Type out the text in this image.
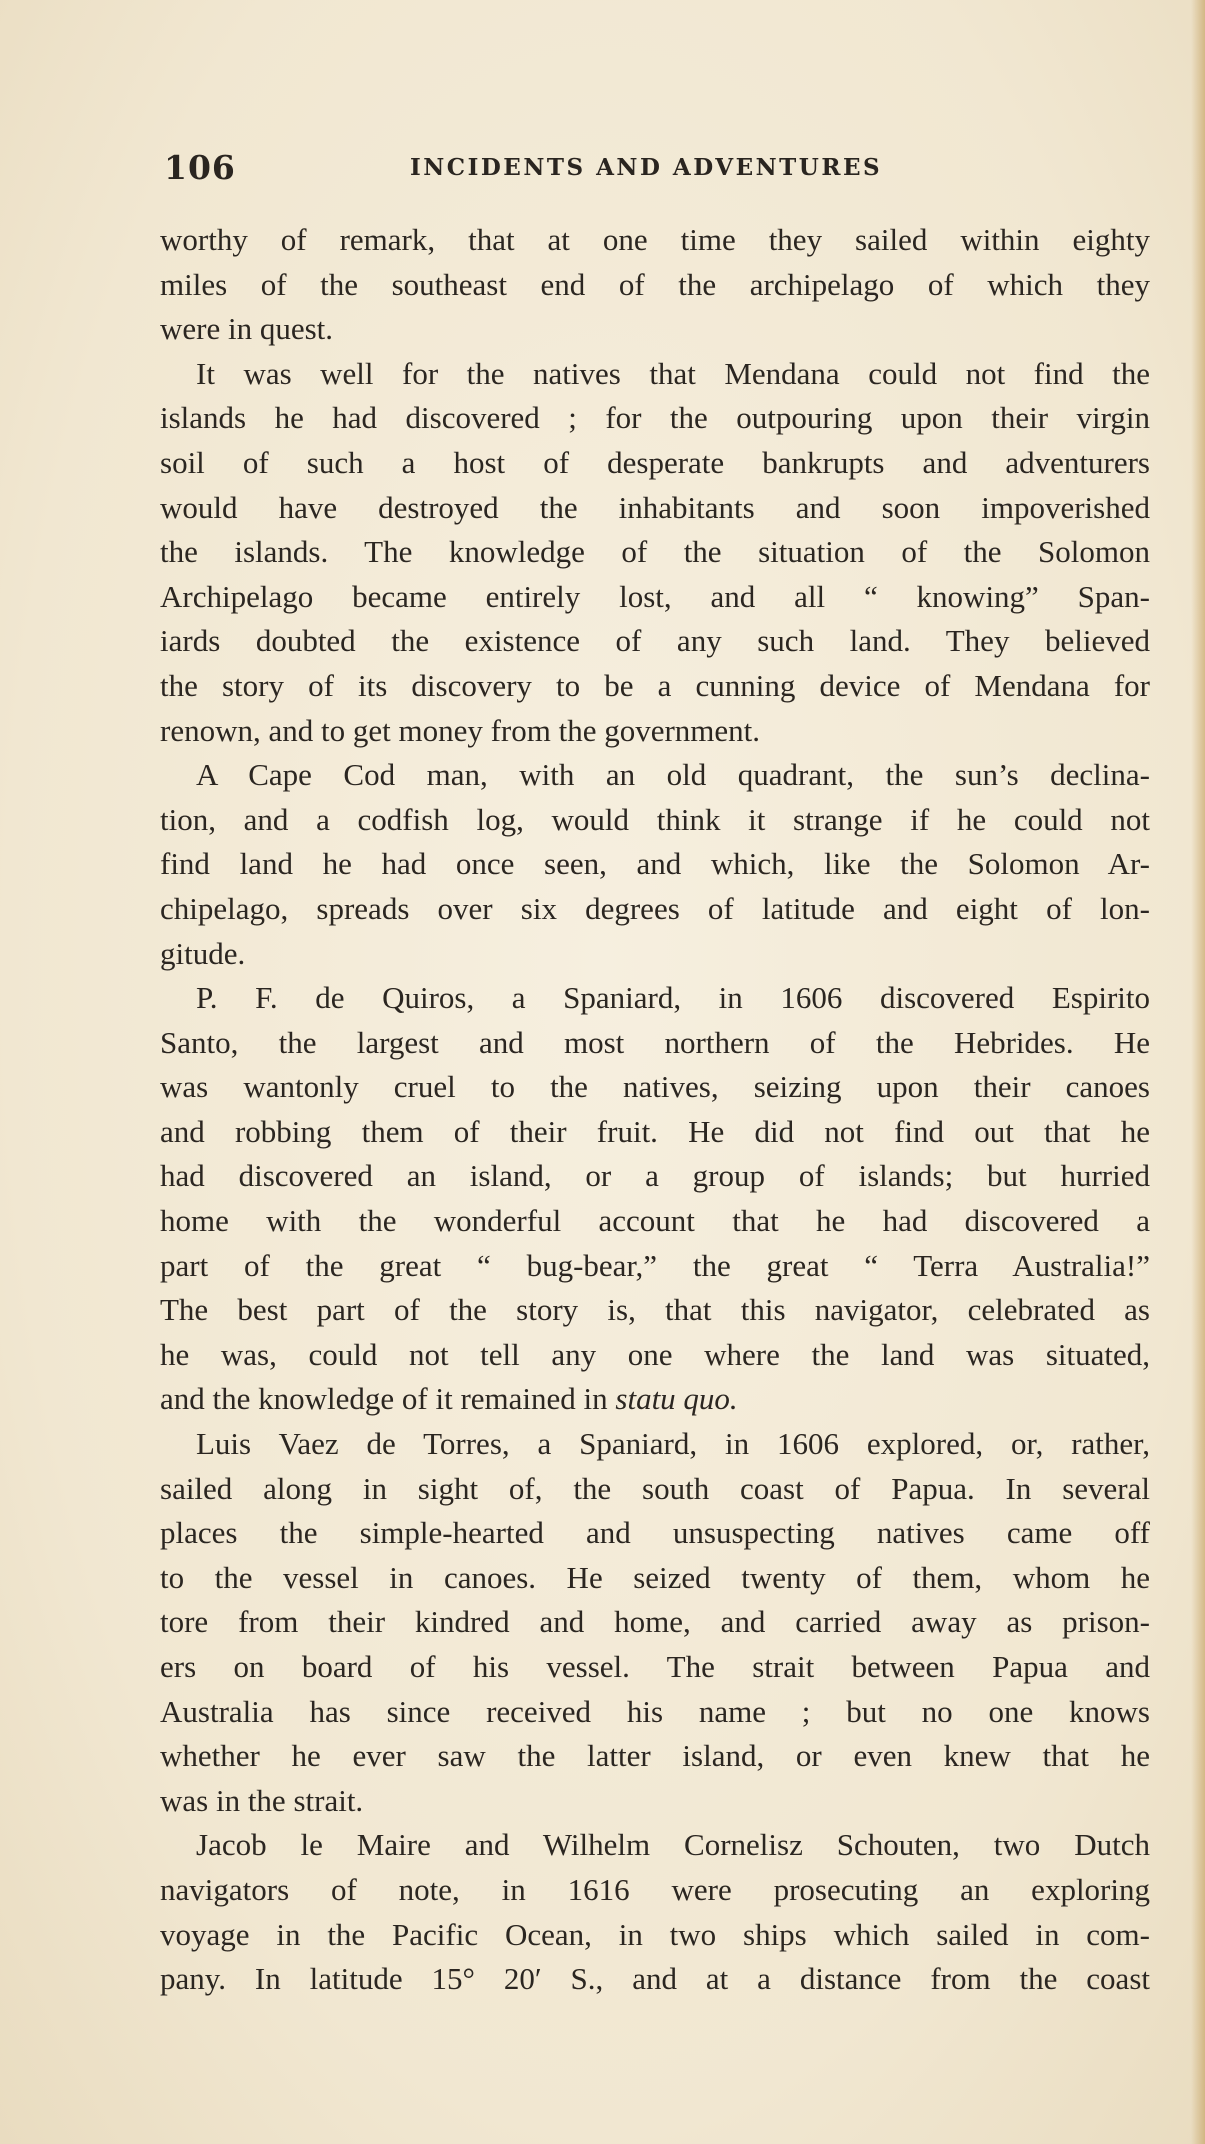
106	INCIDENTS AND ADVENTURES
worthy of remark, that at one time they sailed within eighty
miles of the southeast end of the archipelago of which they
were in quest.
It was well for the natives that Mendana could not find the
islands he had discovered ; for the outpouring upon their virgin
soil of such a host of desperate bankrupts and adventurers
would have destroyed the inhabitants and soon impoverished
the islands. The knowledge of the situation of the Solomon
Archipelago became entirely lost, and all “ knowing” Span-
iards doubted the existence of any such land. They believed
the story of its discovery to be a cunning device of Mendana for
renown, and to get money from the government.
A Cape Cod man, with an old quadrant, the sun’s declina-
tion, and a codfish log, would think it strange if he could not
find land he had once seen, and which, like the Solomon Ar-
chipelago, spreads over six degrees of latitude and eight of lon-
gitude.
P. F. de Quiros, a Spaniard, in 1606 discovered Espirito
Santo, the largest and most northern of the Hebrides. He
was wantonly cruel to the natives, seizing upon their canoes
and robbing them of their fruit. He did not find out that he
had discovered an island, or a group of islands; but hurried
home with the wonderful account that he had discovered a
part of the great “ bug-bear,” the great “ Terra Australia!”
The best part of the story is, that this navigator, celebrated as
he was, could not tell any one where the land was situated,
and the knowledge of it remained in statu quo.
Luis Vaez de Torres, a Spaniard, in 1606 explored, or, rather,
sailed along in sight of, the south coast of Papua. In several
places the simple-hearted and unsuspecting natives came off
to the vessel in canoes. He seized twenty of them, whom he
tore from their kindred and home, and carried away as prison-
ers on board of his vessel. The strait between Papua and
Australia has since received his name ; but no one knows
whether he ever saw the latter island, or even knew that he
was in the strait.
Jacob le Maire and Wilhelm Cornelisz Schouten, two Dutch
navigators of note, in 1616 were prosecuting an exploring
voyage in the Pacific Ocean, in two ships which sailed in com-
pany. In latitude 15° 20′ S., and at a distance from the coast
